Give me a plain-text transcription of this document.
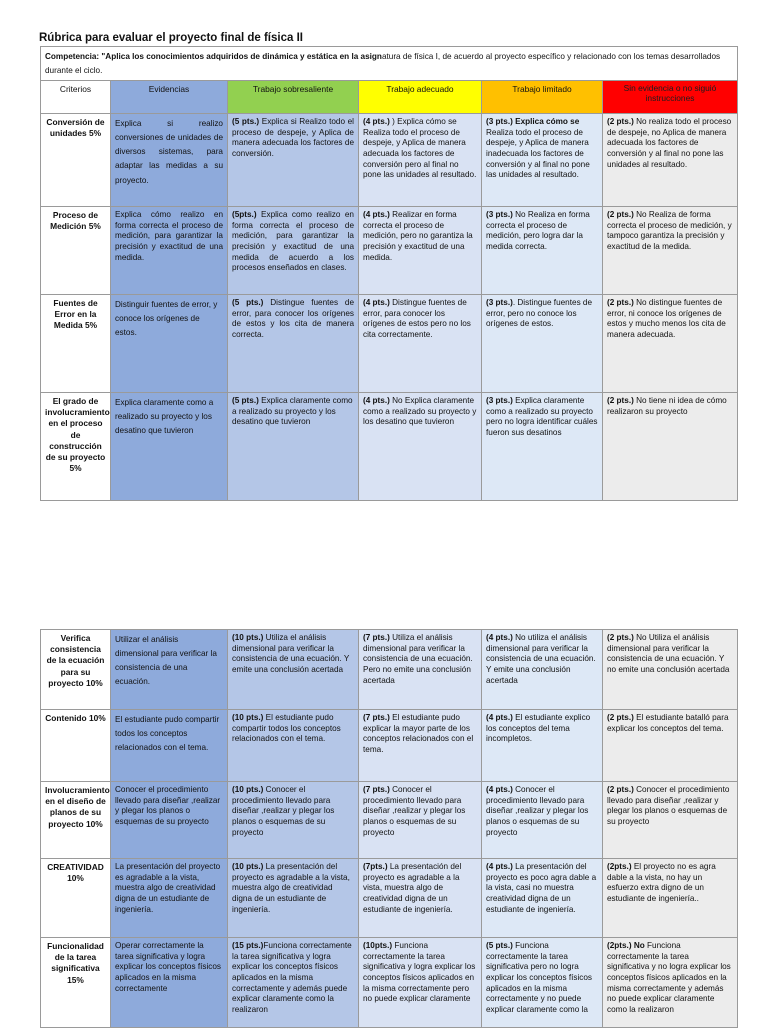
Rúbrica para evaluar el proyecto final de física II
Competencia: "Aplica los conocimientos adquiridos de dinámica y estática en la asignatura de física I, de acuerdo al proyecto específico y relacionado con los temas desarrollados durante el ciclo.					
Criterios	Evidencias	Trabajo sobresaliente	Trabajo adecuado	Trabajo limitado	Sin evidencia o no siguió instrucciones
Conversión de unidades 5%	Explica si realizo conversiones de unidades de diversos sistemas, para adaptar las medidas a su proyecto.	(5 pts.) Explica si Realizo todo el proceso de despeje, y Aplica de manera adecuada los factores de conversión.	(4 pts.) ) Explica cómo se Realiza todo el proceso de despeje, y Aplica de manera adecuada los factores de conversión pero al final no pone las unidades al resultado.	(3 pts.) Explica cómo se Realiza todo el proceso de despeje, y Aplica de manera inadecuada los factores de conversión y al final no pone las unidades al resultado.	(2 pts.) No realiza todo el proceso de despeje, no Aplica de manera adecuada los factores de conversión y al final no pone las unidades al resultado.
Proceso de Medición 5%	Explica cómo realizo en forma correcta el proceso de medición, para garantizar la precisión y exactitud de una medida.	(5pts.) Explica como realizo en forma correcta el proceso de medición, para garantizar la precisión y exactitud de una medida de acuerdo a los procesos enseñados en clases.	(4 pts.) Realizar en forma correcta el proceso de medición, pero no garantiza la precisión y exactitud de una medida.	(3 pts.) No Realiza en forma correcta el proceso de medición, pero logra dar la medida correcta.	(2 pts.) No Realiza de forma correcta el proceso de medición, y tampoco garantiza la precisión y exactitud de la medida.
Fuentes de Error en la Medida 5%	Distinguir fuentes de error, y conoce los orígenes de estos.	(5 pts.) Distingue fuentes de error, para conocer los orígenes de estos y los cita de manera correcta.	(4 pts.) Distingue fuentes de error, para conocer los orígenes de estos pero no los cita correctamente.	(3 pts.). Distingue fuentes de error, pero no conoce los orígenes de estos.	(2 pts.) No distingue fuentes de error, ni conoce los orígenes de estos y mucho menos los cita de manera adecuada.
El grado de involucramiento en el proceso de construcción de su proyecto 5%	Explica claramente como a realizado su proyecto y los desatino que tuvieron	(5 pts.) Explica claramente como a realizado su proyecto y los desatino que tuvieron	(4 pts.) No Explica claramente como a realizado su proyecto y los desatino que tuvieron	(3 pts.) Explica claramente como a realizado su proyecto pero no logra identificar cuáles fueron sus desatinos	(2 pts.) No tiene ni idea de cómo realizaron su proyecto
Verifica consistencia de la ecuación para su proyecto 10%	Utilizar el análisis dimensional para verificar la consistencia de una ecuación.	(10 pts.) Utiliza el análisis dimensional para verificar la consistencia de una ecuación. Y emite una conclusión acertada	(7 pts.) Utiliza el análisis dimensional para verificar la consistencia de una ecuación. Pero no emite una conclusión acertada	(4 pts.) No utiliza el análisis dimensional para verificar la consistencia de una ecuación. Y emite una conclusión acertada	(2 pts.) No Utiliza el análisis dimensional para verificar la consistencia de una ecuación. Y no emite una conclusión acertada
Contenido 10%	El estudiante pudo compartir todos los conceptos relacionados con el tema.	(10 pts.) El estudiante pudo compartir todos los conceptos relacionados con el tema.	(7 pts.) El estudiante pudo explicar la mayor parte de los conceptos relacionados con el tema.	(4 pts.) El estudiante explico los conceptos del tema incompletos.	(2 pts.) El estudiante batalló para explicar los conceptos del tema.
Involucramiento en el diseño de planos de su proyecto 10%	Conocer el procedimiento llevado para diseñar ,realizar y plegar los planos o esquemas de su proyecto	(10 pts.) Conocer el procedimiento llevado para diseñar ,realizar y plegar los planos o esquemas de su proyecto	(7 pts.) Conocer el procedimiento llevado para diseñar ,realizar y plegar los planos o esquemas de su proyecto	(4 pts.) Conocer el procedimiento llevado para diseñar ,realizar y plegar los planos o esquemas de su proyecto	(2 pts.) Conocer el procedimiento llevado para diseñar ,realizar y plegar los planos o esquemas de su proyecto
CREATIVIDAD 10%	La presentación del proyecto es agradable a la vista, muestra algo de creatividad digna de un estudiante de ingeniería.	(10 pts.) La presentación del proyecto es agradable a la vista, muestra algo de creatividad digna de un estudiante de ingeniería.	(7pts.) La presentación del proyecto es agradable a la vista, muestra algo de creatividad digna de un estudiante de ingeniería.	(4 pts.) La presentación del proyecto es poco agra dable a la vista, casi no muestra creatividad digna de un estudiante de ingeniería.	(2pts.) El proyecto no es agra dable a la vista, no hay un esfuerzo extra digno de un estudiante de ingeniería..
Funcionalidad de la tarea significativa 15%	Operar correctamente la tarea significativa y logra explicar los conceptos físicos aplicados en la misma correctamente	(15 pts.)Funciona correctamente la tarea significativa y logra explicar los conceptos físicos aplicados en la misma correctamente y además puede explicar claramente como la realizaron	(10pts.) Funciona correctamente la tarea significativa y logra explicar los conceptos físicos aplicados en la misma correctamente pero no puede explicar claramente	(5 pts.) Funciona correctamente la tarea significativa pero no logra explicar los conceptos físicos aplicados en la misma correctamente y no puede explicar claramente como la	(2pts.) No Funciona correctamente la tarea significativa y no logra explicar los conceptos físicos aplicados en la misma correctamente y además no puede explicar claramente como la realizaron
